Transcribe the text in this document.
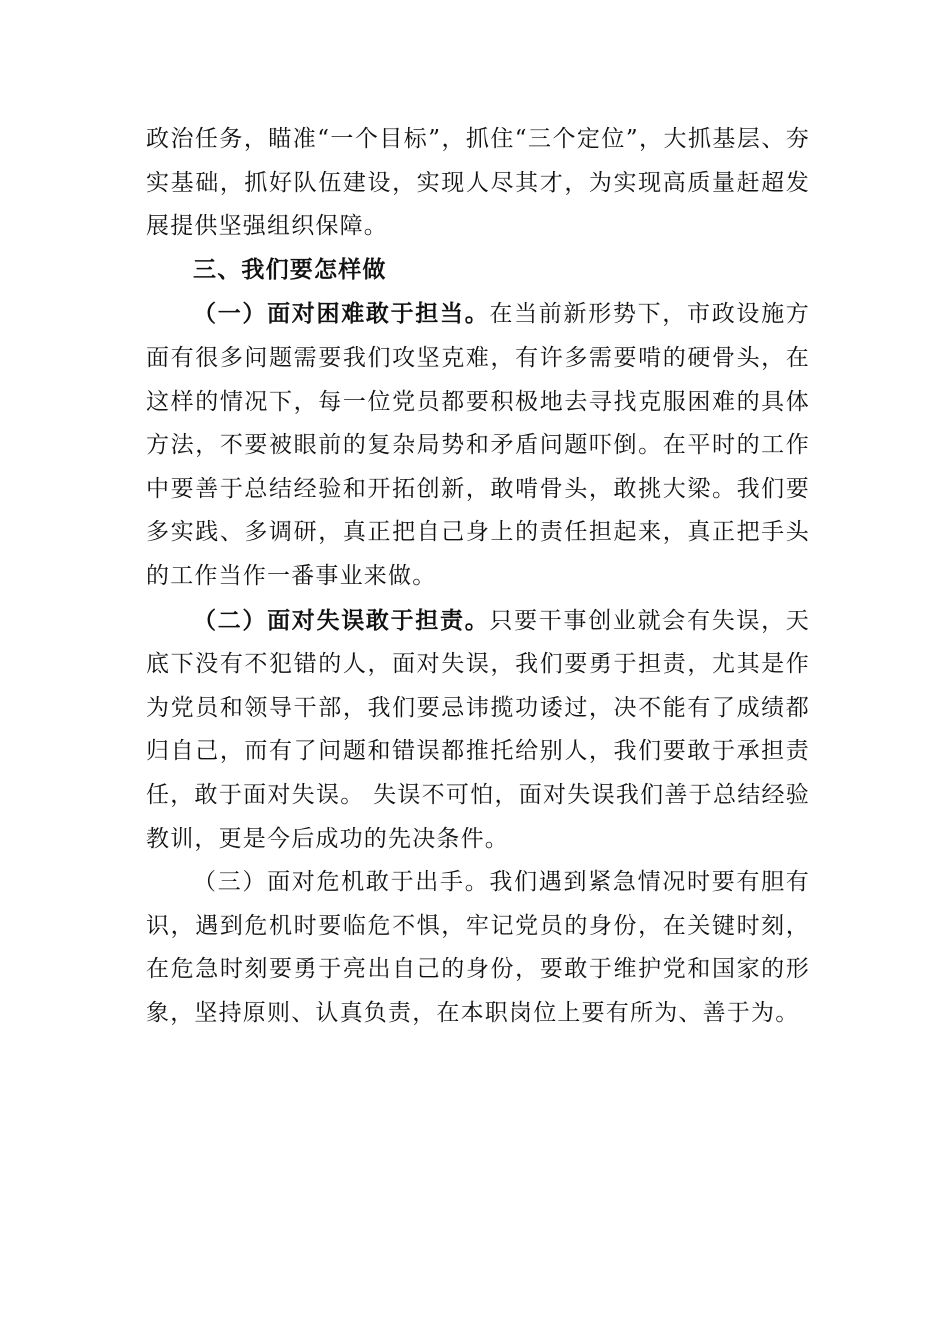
政治任务，瞄准“一个目标”，抓住“三个定位”，大抓基层、夯实基础，抓好队伍建设，实现人尽其才，为实现高质量赶超发展提供坚强组织保障。

三、我们要怎样做

（一）面对困难敢于担当。在当前新形势下，市政设施方面有很多问题需要我们攻坚克难，有许多需要啃的硬骨头，在这样的情况下，每一位党员都要积极地去寻找克服困难的具体方法，不要被眼前的复杂局势和矛盾问题吓倒。在平时的工作中要善于总结经验和开拓创新，敢啃骨头，敢挑大梁。我们要多实践、多调研，真正把自己身上的责任担起来，真正把手头的工作当作一番事业来做。

（二）面对失误敢于担责。只要干事创业就会有失误，天底下没有不犯错的人，面对失误，我们要勇于担责，尤其是作为党员和领导干部，我们要忌讳揽功诿过，决不能有了成绩都归自己，而有了问题和错误都推托给别人，我们要敢于承担责任，敢于面对失误。 失误不可怕，面对失误我们善于总结经验教训，更是今后成功的先决条件。

（三）面对危机敢于出手。我们遇到紧急情况时要有胆有识，遇到危机时要临危不惧，牢记党员的身份，在关键时刻，在危急时刻要勇于亮出自己的身份，要敢于维护党和国家的形象，坚持原则、认真负责，在本职岗位上要有所为、善于为。
